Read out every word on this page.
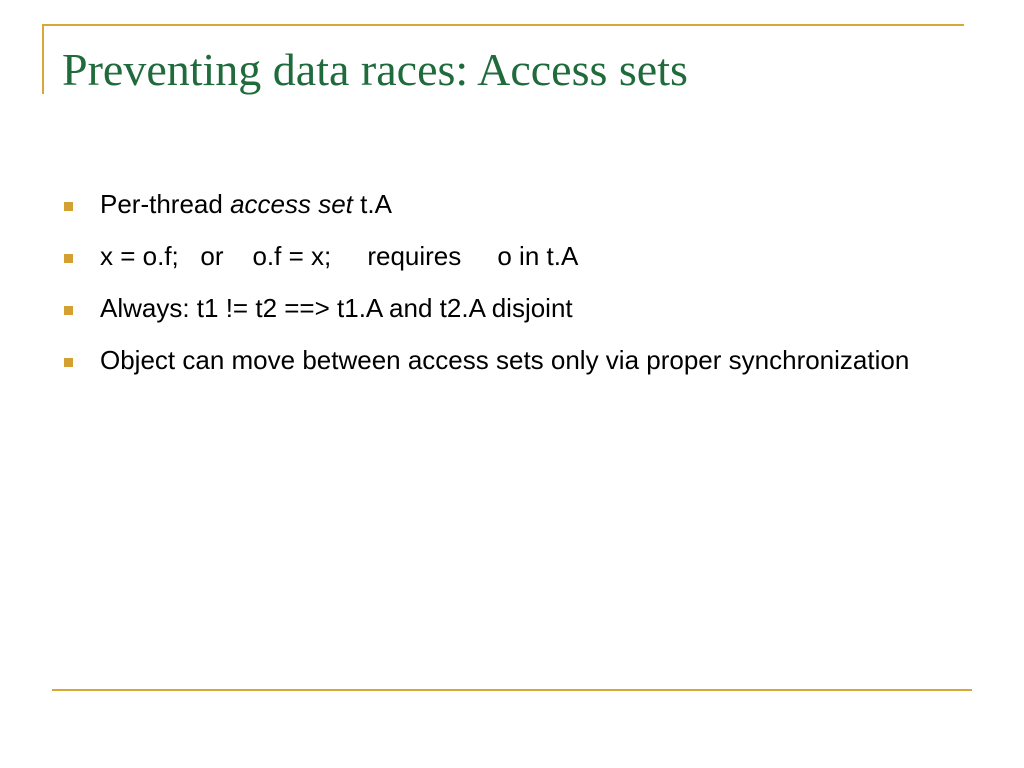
Preventing data races: Access sets
Per-thread access set t.A
x = o.f;   or    o.f = x;     requires     o in t.A
Always: t1 != t2 ==> t1.A and t2.A disjoint
Object can move between access sets only via proper synchronization
